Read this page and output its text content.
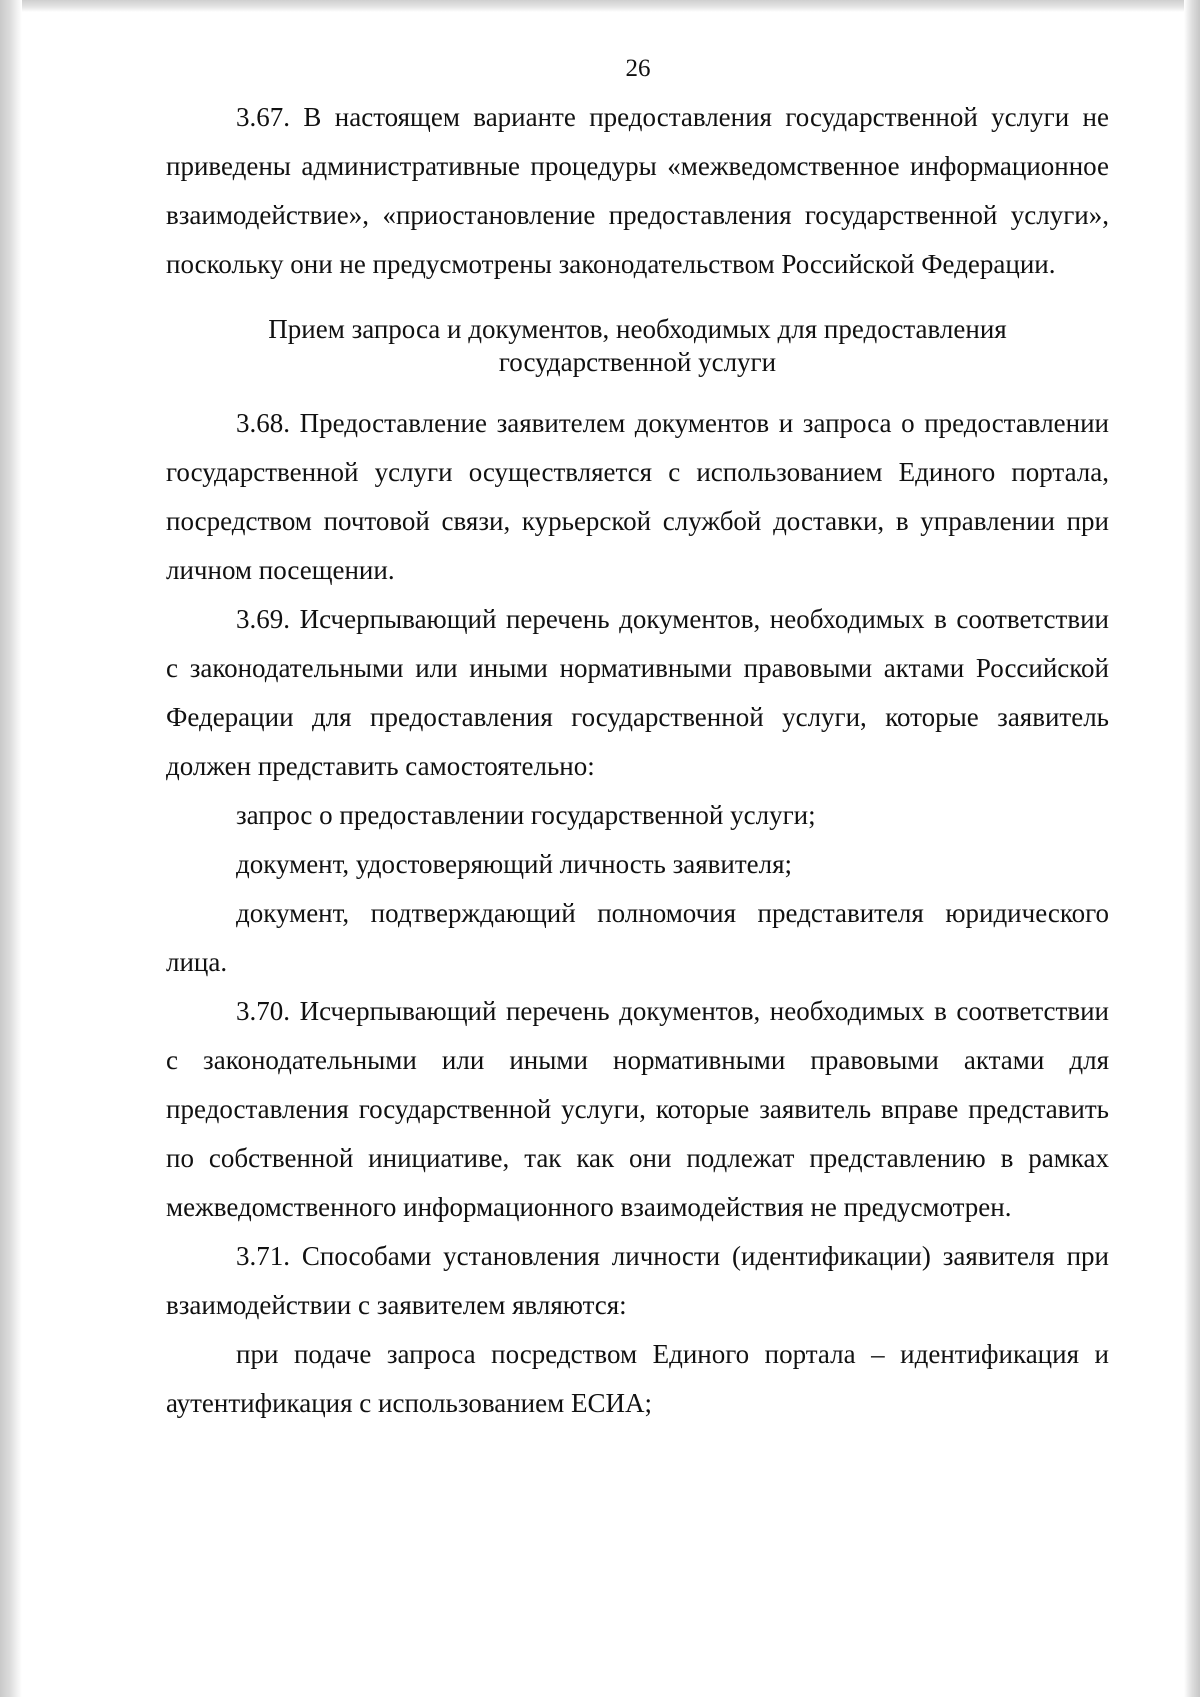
26

3.67. В настоящем варианте предоставления государственной услуги не приведены административные процедуры «межведомственное информационное взаимодействие», «приостановление предоставления государственной услуги», поскольку они не предусмотрены законодательством Российской Федерации.

Прием запроса и документов, необходимых для предоставления
государственной услуги

3.68. Предоставление заявителем документов и запроса о предоставлении государственной услуги осуществляется с использованием Единого портала, посредством почтовой связи, курьерской службой доставки, в управлении при личном посещении.

3.69. Исчерпывающий перечень документов, необходимых в соответствии с законодательными или иными нормативными правовыми актами Российской Федерации для предоставления государственной услуги, которые заявитель должен представить самостоятельно:

запрос о предоставлении государственной услуги;

документ, удостоверяющий личность заявителя;

документ, подтверждающий полномочия представителя юридического лица.

3.70. Исчерпывающий перечень документов, необходимых в соответствии с законодательными или иными нормативными правовыми актами для предоставления государственной услуги, которые заявитель вправе представить по собственной инициативе, так как они подлежат представлению в рамках межведомственного информационного взаимодействия не предусмотрен.

3.71. Способами установления личности (идентификации) заявителя при взаимодействии с заявителем являются:

при подаче запроса посредством Единого портала – идентификация и аутентификация с использованием ЕСИА;
